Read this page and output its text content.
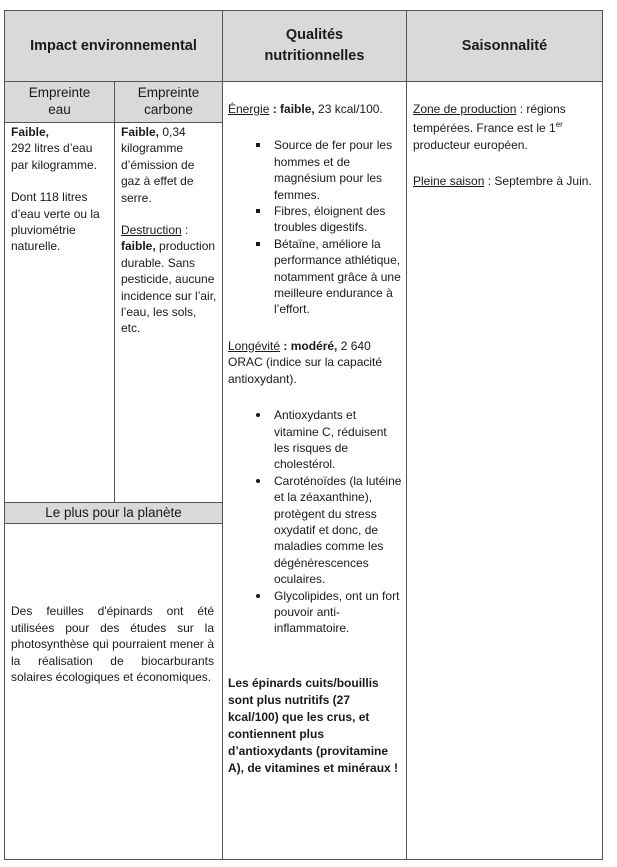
Impact environnemental
Qualités
nutritionnelles
Saisonnalité
Empreinte
eau
Empreinte
carbone

Faible,

292 litres d’eau par kilogramme.

Dont 118 litres d’eau verte ou la pluviométrie naturelle.

Faible, 0,34 kilogramme d’émission de gaz à effet de serre.

Destruction : faible, production durable. Sans pesticide, aucune incidence sur l’air, l’eau, les sols, etc.

Le plus pour la planète
Des feuilles d'épinards ont été utilisées pour des études sur la photosynthèse qui pourraient mener à la réalisation de biocarburants solaires écologiques et économiques.

Énergie : faible, 23 kcal/100.

Source de fer pour les hommes et de magnésium pour les femmes.
Fibres, éloignent des troubles digestifs.
Bétaïne, améliore la performance athlétique, notamment grâce à une meilleure endurance à l’effort.

Longévité : modéré, 2 640 ORAC (indice sur la capacité antioxydant).

Antioxydants et vitamine C, réduisent les risques de cholestérol.
Caroténoïdes (la lutéine et la zéaxanthine), protègent du stress oxydatif et donc, de maladies comme les dégénérescences oculaires.
Glycolipides, ont un fort pouvoir anti-inflammatoire.

Les épinards cuits/bouillis sont plus nutritifs (27 kcal/100) que les crus, et contiennent plus d’antioxydants (provitamine A), de vitamines et minéraux !

Zone de production : régions tempérées. France est le 1er producteur européen.

Pleine saison : Septembre à Juin.
